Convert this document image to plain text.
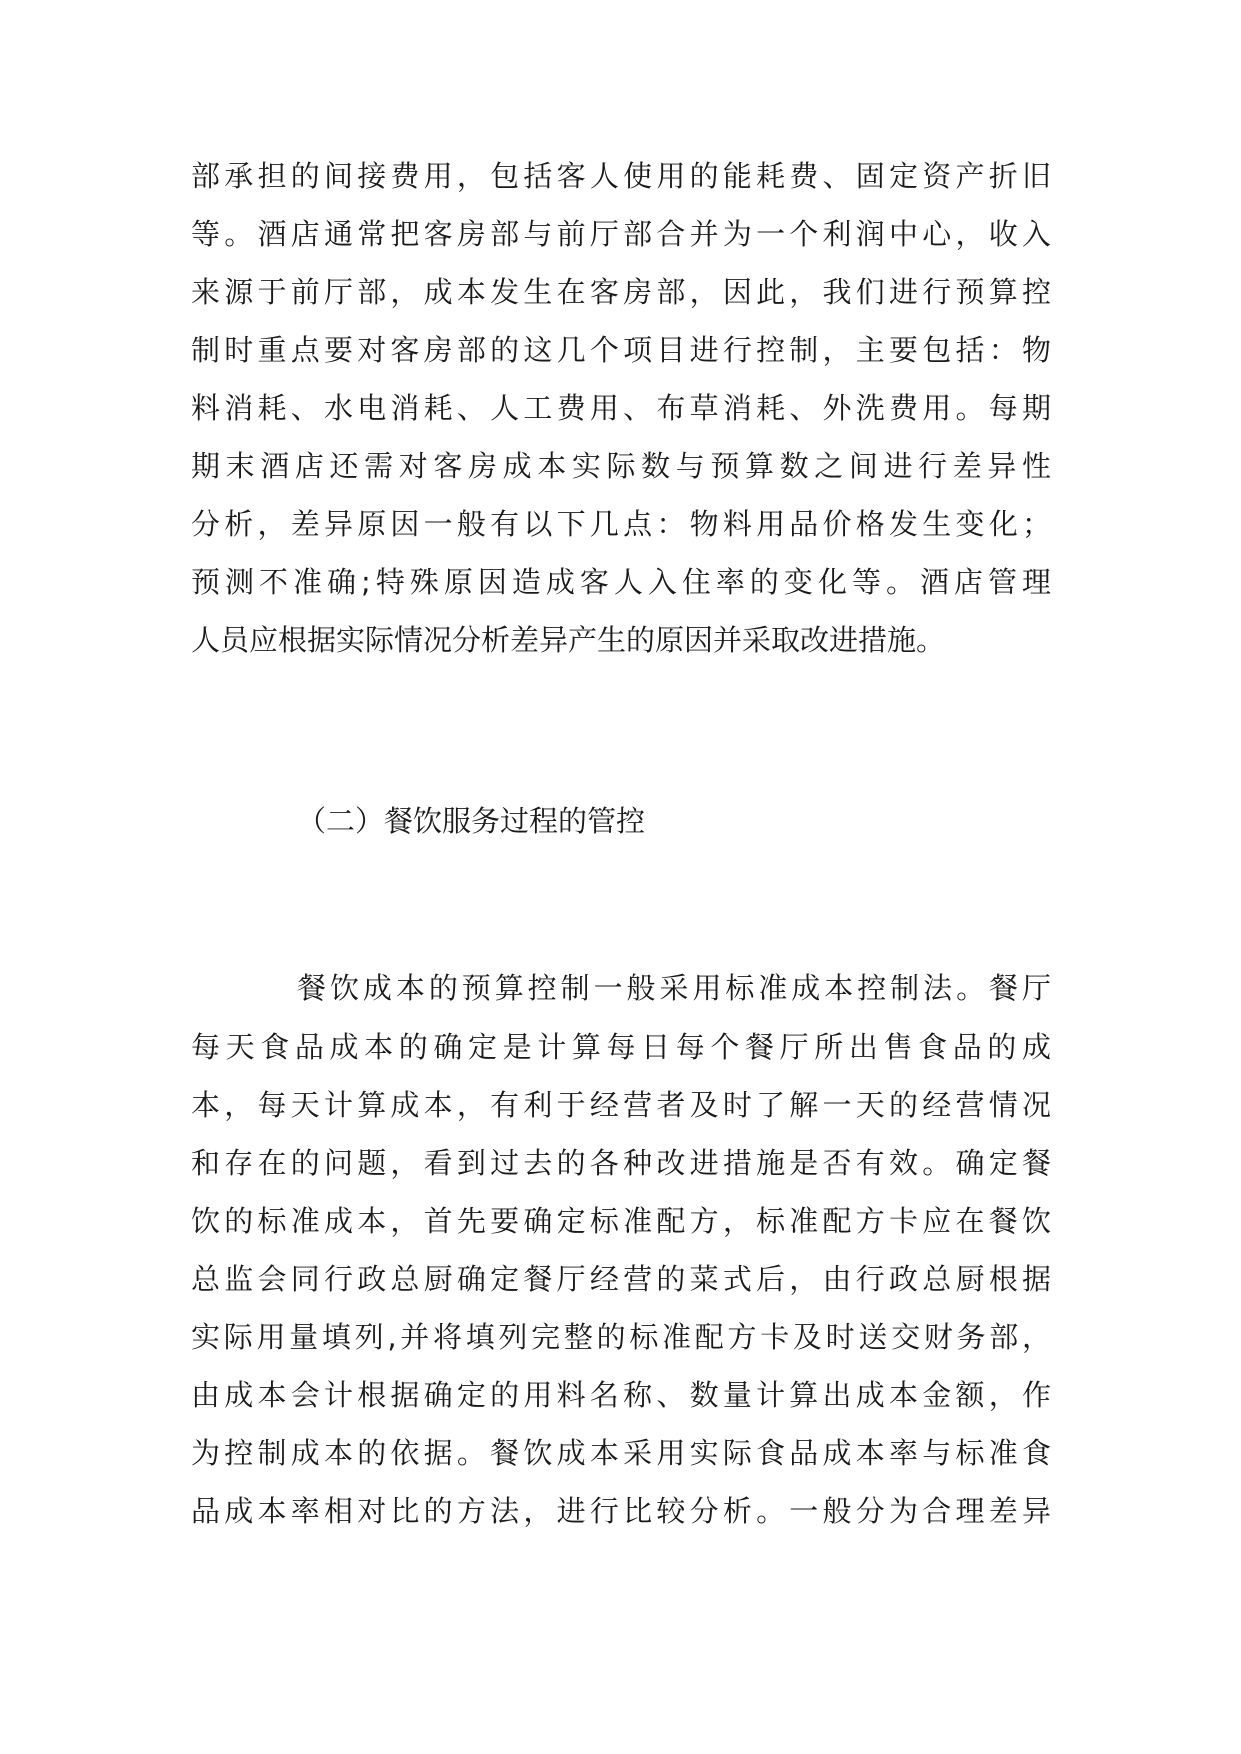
部承担的间接费用，包括客人使用的能耗费、固定资产折旧
等。酒店通常把客房部与前厅部合并为一个利润中心，收入
来源于前厅部，成本发生在客房部，因此，我们进行预算控
制时重点要对客房部的这几个项目进行控制，主要包括：物
料消耗、水电消耗、人工费用、布草消耗、外洗费用。每期
期末酒店还需对客房成本实际数与预算数之间进行差异性
分析，差异原因一般有以下几点：物料用品价格发生变化；
预测不准确;特殊原因造成客人入住率的变化等。酒店管理
人员应根据实际情况分析差异产生的原因并采取改进措施。
（二）餐饮服务过程的管控
餐饮成本的预算控制一般采用标准成本控制法。餐厅
每天食品成本的确定是计算每日每个餐厅所出售食品的成
本，每天计算成本，有利于经营者及时了解一天的经营情况
和存在的问题，看到过去的各种改进措施是否有效。确定餐
饮的标准成本，首先要确定标准配方，标准配方卡应在餐饮
总监会同行政总厨确定餐厅经营的菜式后，由行政总厨根据
实际用量填列,并将填列完整的标准配方卡及时送交财务部，
由成本会计根据确定的用料名称、数量计算出成本金额，作
为控制成本的依据。餐饮成本采用实际食品成本率与标准食
品成本率相对比的方法，进行比较分析。一般分为合理差异
